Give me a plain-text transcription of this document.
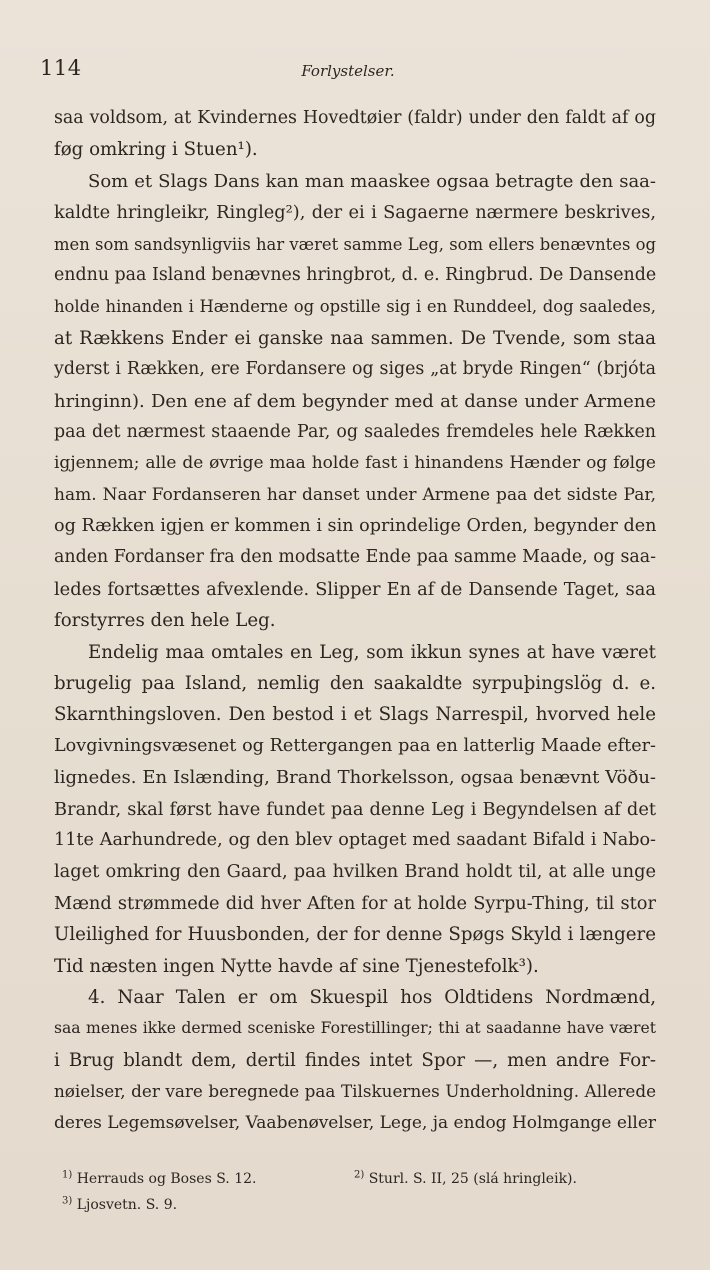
114	Forlystelser.
saa voldsom, at Kvindernes Hovedtøier (faldr) under den faldt af og
føg omkring i Stuen¹).
Som et Slags Dans kan man maaskee ogsaa betragte den saa-
kaldte hringleikr, Ringleg²), der ei i Sagaerne nærmere beskrives,
men som sandsynligviis har været samme Leg, som ellers benævntes og
endnu paa Island benævnes hringbrot, d. e. Ringbrud. De Dansende
holde hinanden i Hænderne og opstille sig i en Runddeel, dog saaledes,
at Rækkens Ender ei ganske naa sammen. De Tvende, som staa
yderst i Rækken, ere Fordansere og siges „at bryde Ringen“ (brjóta
hringinn). Den ene af dem begynder med at danse under Armene
paa det nærmest staaende Par, og saaledes fremdeles hele Rækken
igjennem; alle de øvrige maa holde fast i hinandens Hænder og følge
ham. Naar Fordanseren har danset under Armene paa det sidste Par,
og Rækken igjen er kommen i sin oprindelige Orden, begynder den
anden Fordanser fra den modsatte Ende paa samme Maade, og saa-
ledes fortsættes afvexlende. Slipper En af de Dansende Taget, saa
forstyrres den hele Leg.
Endelig maa omtales en Leg, som ikkun synes at have været
brugelig paa Island, nemlig den saakaldte syrpuþingslög d. e.
Skarnthingsloven. Den bestod i et Slags Narrespil, hvorved hele
Lovgivningsvæsenet og Rettergangen paa en latterlig Maade efter-
lignedes. En Islænding, Brand Thorkelsson, ogsaa benævnt Vöðu-
Brandr, skal først have fundet paa denne Leg i Begyndelsen af det
11te Aarhundrede, og den blev optaget med saadant Bifald i Nabo-
laget omkring den Gaard, paa hvilken Brand holdt til, at alle unge
Mænd strømmede did hver Aften for at holde Syrpu-Thing, til stor
Uleilighed for Huusbonden, der for denne Spøgs Skyld i længere
Tid næsten ingen Nytte havde af sine Tjenestefolk³).
4. Naar Talen er om Skuespil hos Oldtidens Nordmænd,
saa menes ikke dermed sceniske Forestillinger; thi at saadanne have været
i Brug blandt dem, dertil findes intet Spor —, men andre For-
nøielser, der vare beregnede paa Tilskuernes Underholdning. Allerede
deres Legemsøvelser, Vaabenøvelser, Lege, ja endog Holmgange eller
$^{1)}$ Herrauds og Boses S. 12.	$^{2)}$ Sturl. S. II, 25 (slá hringleik).
$^{3)}$ Ljosvetn. S. 9.
